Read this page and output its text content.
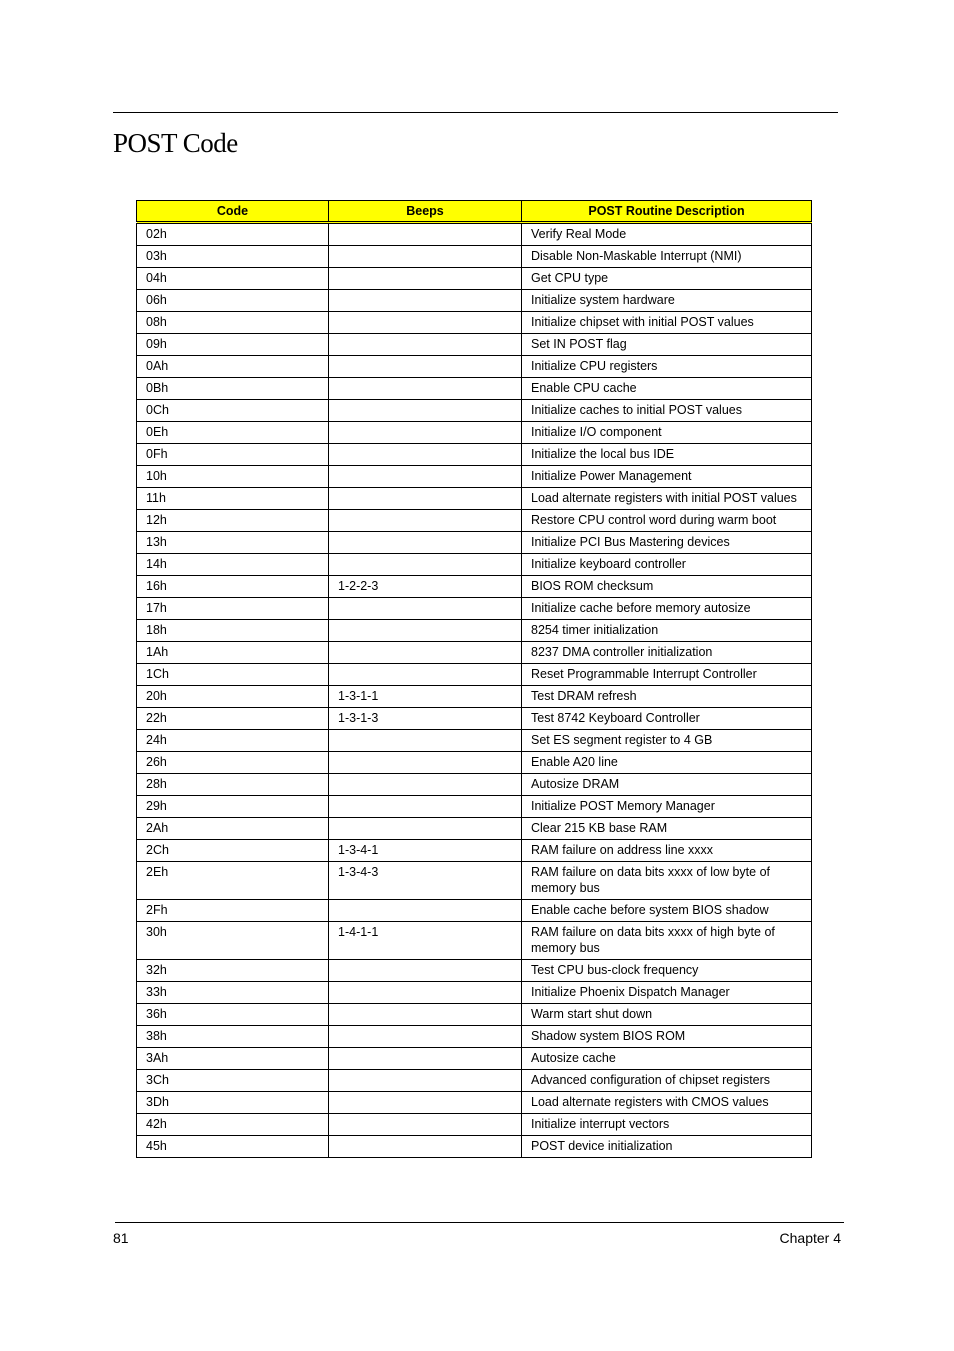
POST Code
Code	Beeps	POST Routine Description
02h		Verify Real Mode
03h		Disable Non-Maskable Interrupt (NMI)
04h		Get CPU type
06h		Initialize system hardware
08h		Initialize chipset with initial POST values
09h		Set IN POST flag
0Ah		Initialize CPU registers
0Bh		Enable CPU cache
0Ch		Initialize caches to initial POST values
0Eh		Initialize I/O component
0Fh		Initialize the local bus IDE
10h		Initialize Power Management
11h		Load alternate registers with initial POST values
12h		Restore CPU control word during warm boot
13h		Initialize PCI Bus Mastering devices
14h		Initialize keyboard controller
16h	1-2-2-3	BIOS ROM checksum
17h		Initialize cache before memory autosize
18h		8254 timer initialization
1Ah		8237 DMA controller initialization
1Ch		Reset Programmable Interrupt Controller
20h	1-3-1-1	Test DRAM refresh
22h	1-3-1-3	Test 8742 Keyboard Controller
24h		Set ES segment register to 4 GB
26h		Enable A20 line
28h		Autosize DRAM
29h		Initialize POST Memory Manager
2Ah		Clear 215 KB base RAM
2Ch	1-3-4-1	RAM failure on address line xxxx
2Eh	1-3-4-3	RAM failure on data bits xxxx of low byte of memory bus
2Fh		Enable cache before system BIOS shadow
30h	1-4-1-1	RAM failure on data bits xxxx of high byte of memory bus
32h		Test CPU bus-clock frequency
33h		Initialize Phoenix Dispatch Manager
36h		Warm start shut down
38h		Shadow system BIOS ROM
3Ah		Autosize cache
3Ch		Advanced configuration of chipset registers
3Dh		Load alternate registers with CMOS values
42h		Initialize interrupt vectors
45h		POST device initialization
81	Chapter 4
